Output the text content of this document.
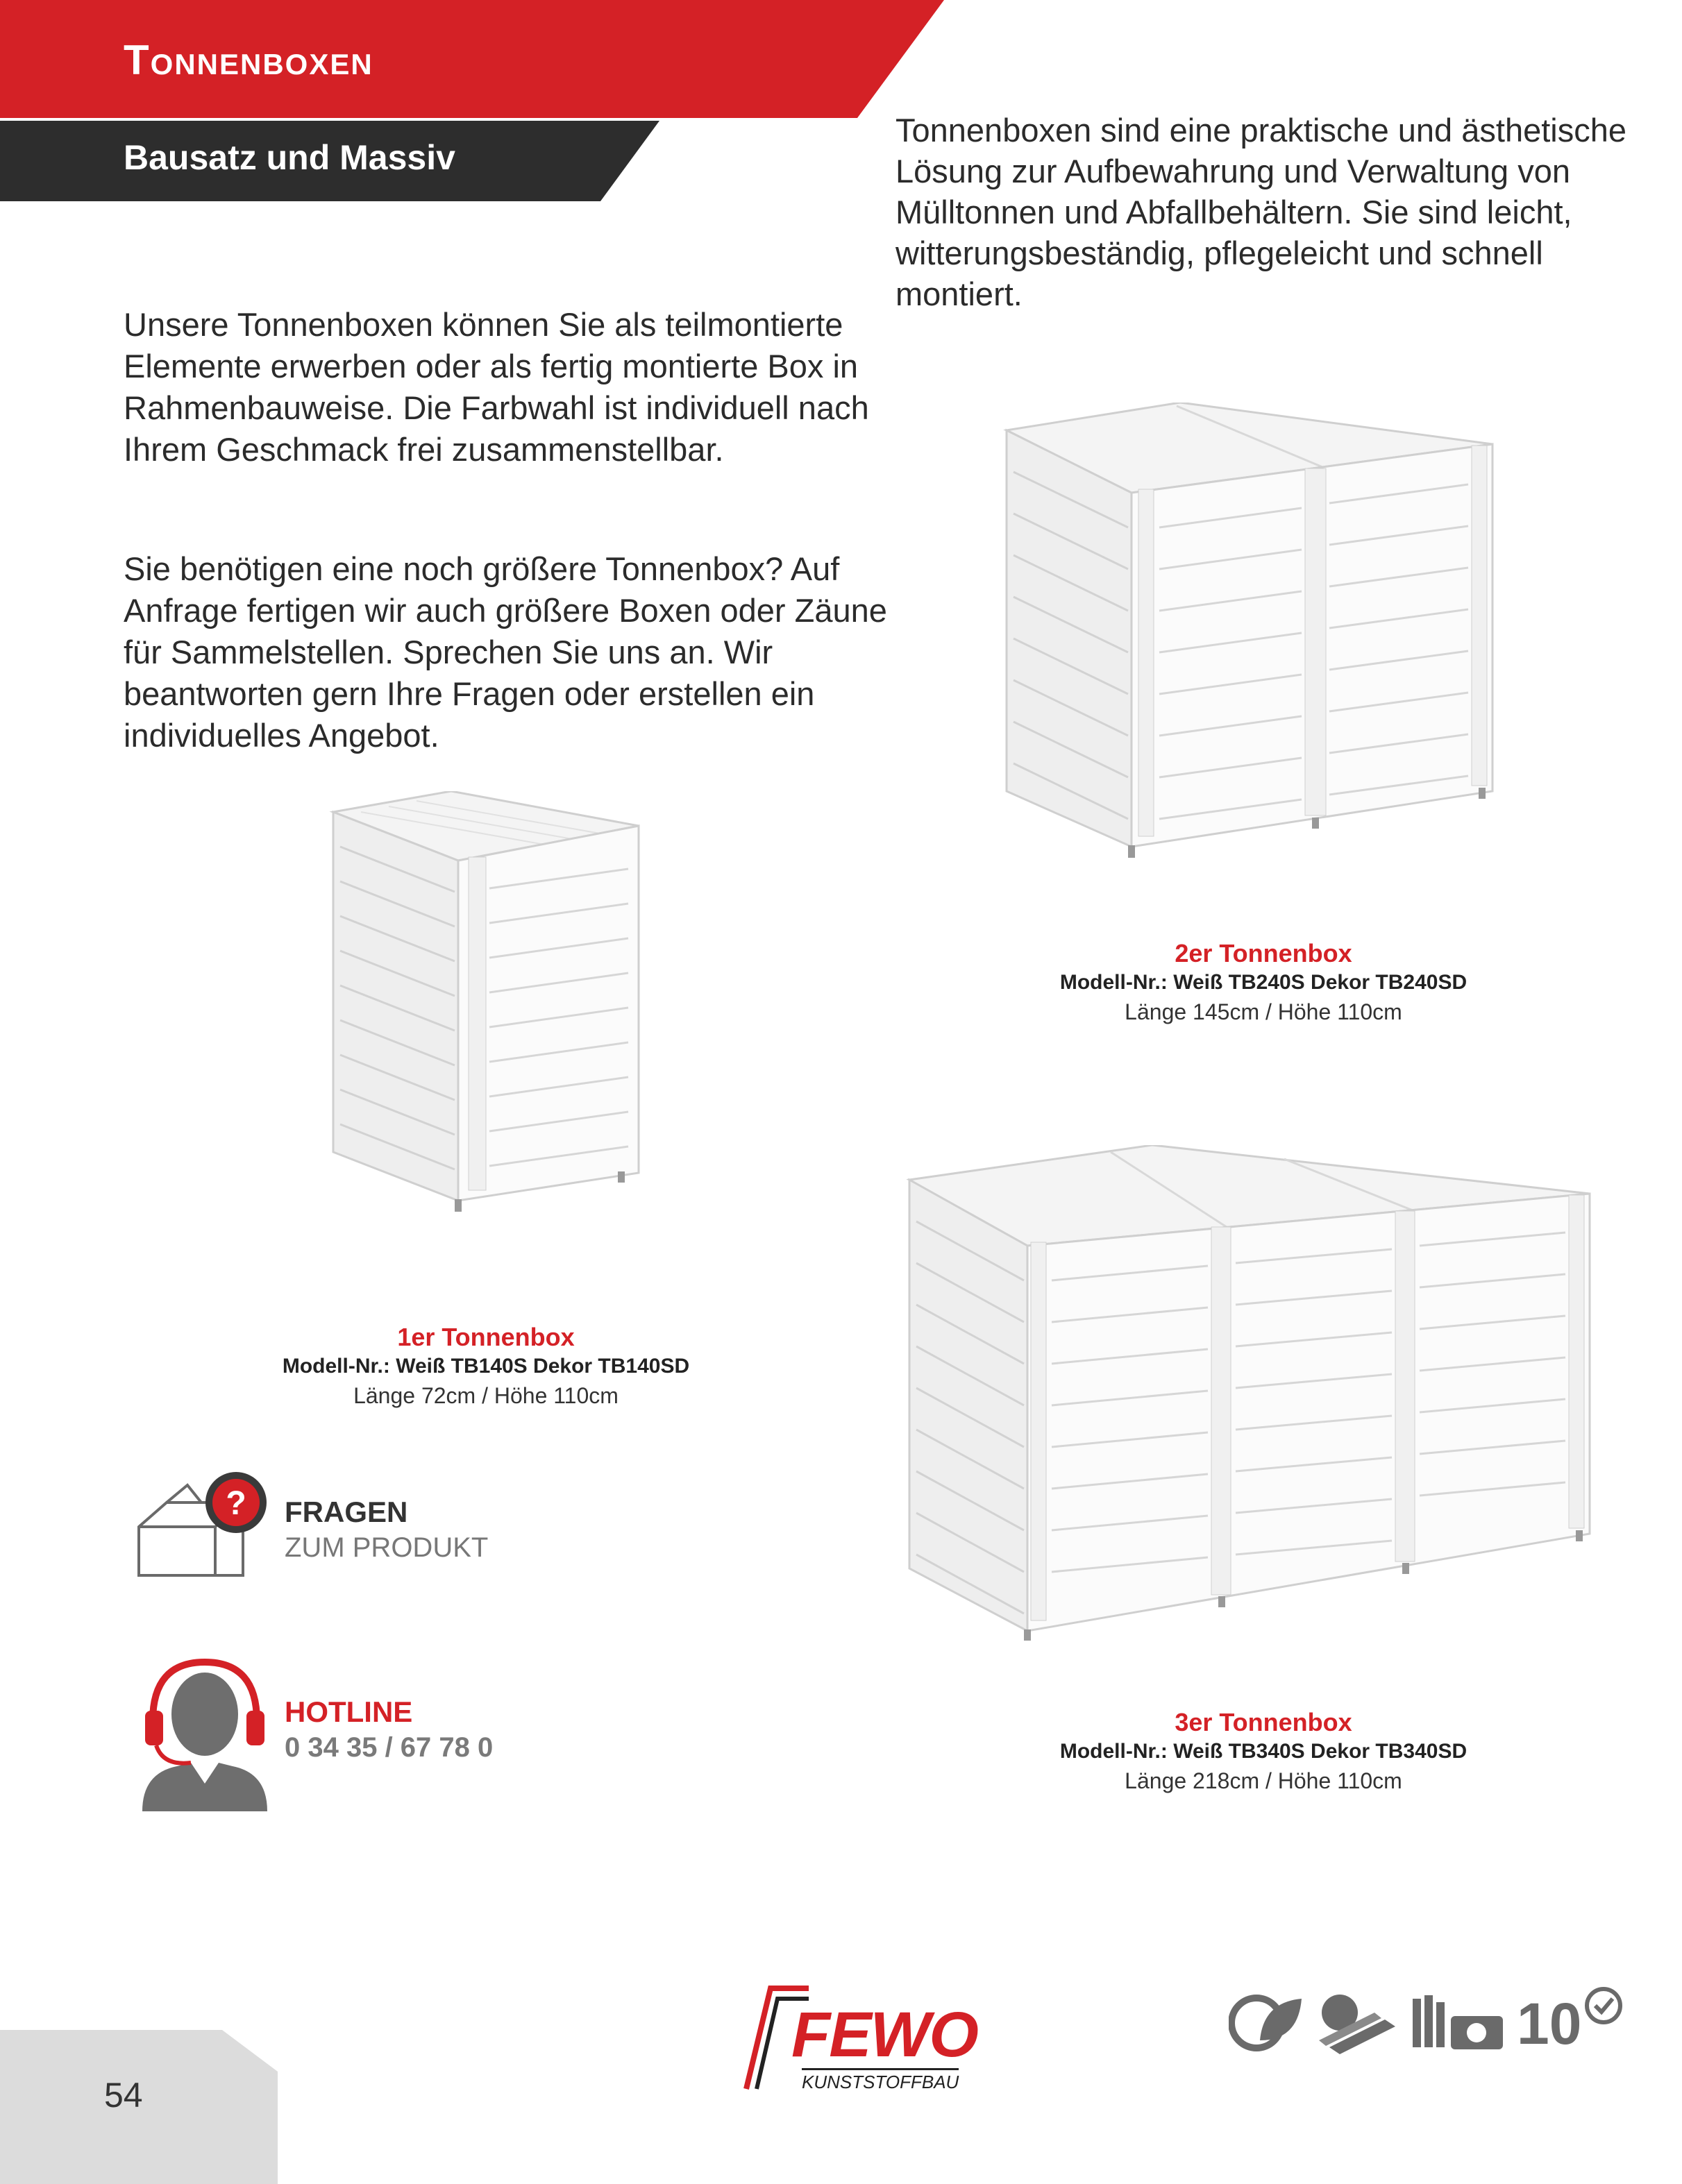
Tonnenboxen
Bausatz und Massiv

Tonnenboxen sind eine praktische und ästhetische Lösung zur Aufbewahrung und Verwaltung von Mülltonnen und Abfallbehältern. Sie sind leicht, witterungsbeständig, pflegeleicht und schnell montiert.

Unsere Tonnenboxen können Sie als teilmontierte Elemente erwerben oder als fertig montierte Box in Rahmenbauweise. Die Farbwahl ist individuell nach Ihrem Geschmack frei zusammenstellbar.

Sie benötigen eine noch größere Tonnenbox? Auf Anfrage fertigen wir auch größere Boxen oder Zäune für Sammelstellen. Sprechen Sie uns an. Wir beantworten gern Ihre Fragen oder erstellen ein individuelles Angebot.

1er Tonnenbox
Modell-Nr.: Weiß TB140S Dekor TB140SD
Länge 72cm / Höhe 110cm
2er Tonnenbox
Modell-Nr.: Weiß TB240S Dekor TB240SD
Länge 145cm / Höhe 110cm
3er Tonnenbox
Modell-Nr.: Weiß TB340S Dekor TB340SD
Länge 218cm / Höhe 110cm
? FRAGEN
ZUM PRODUKT
HOTLINE
0 34 35 / 67 78 0
54
FEWO
KUNSTSTOFFBAU
10
